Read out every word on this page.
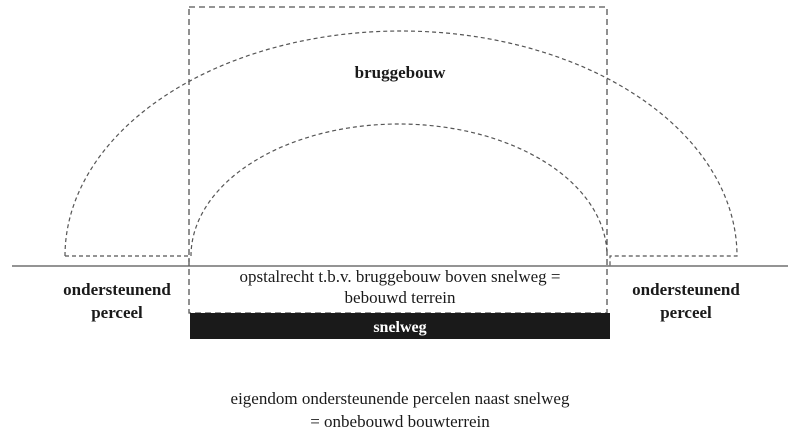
bruggebouw
opstalrecht t.b.v. bruggebouw boven snelweg =
bebouwd terrein
snelweg
ondersteunend
perceel
ondersteunend
perceel
eigendom ondersteunende percelen naast snelweg
= onbebouwd bouwterrein
